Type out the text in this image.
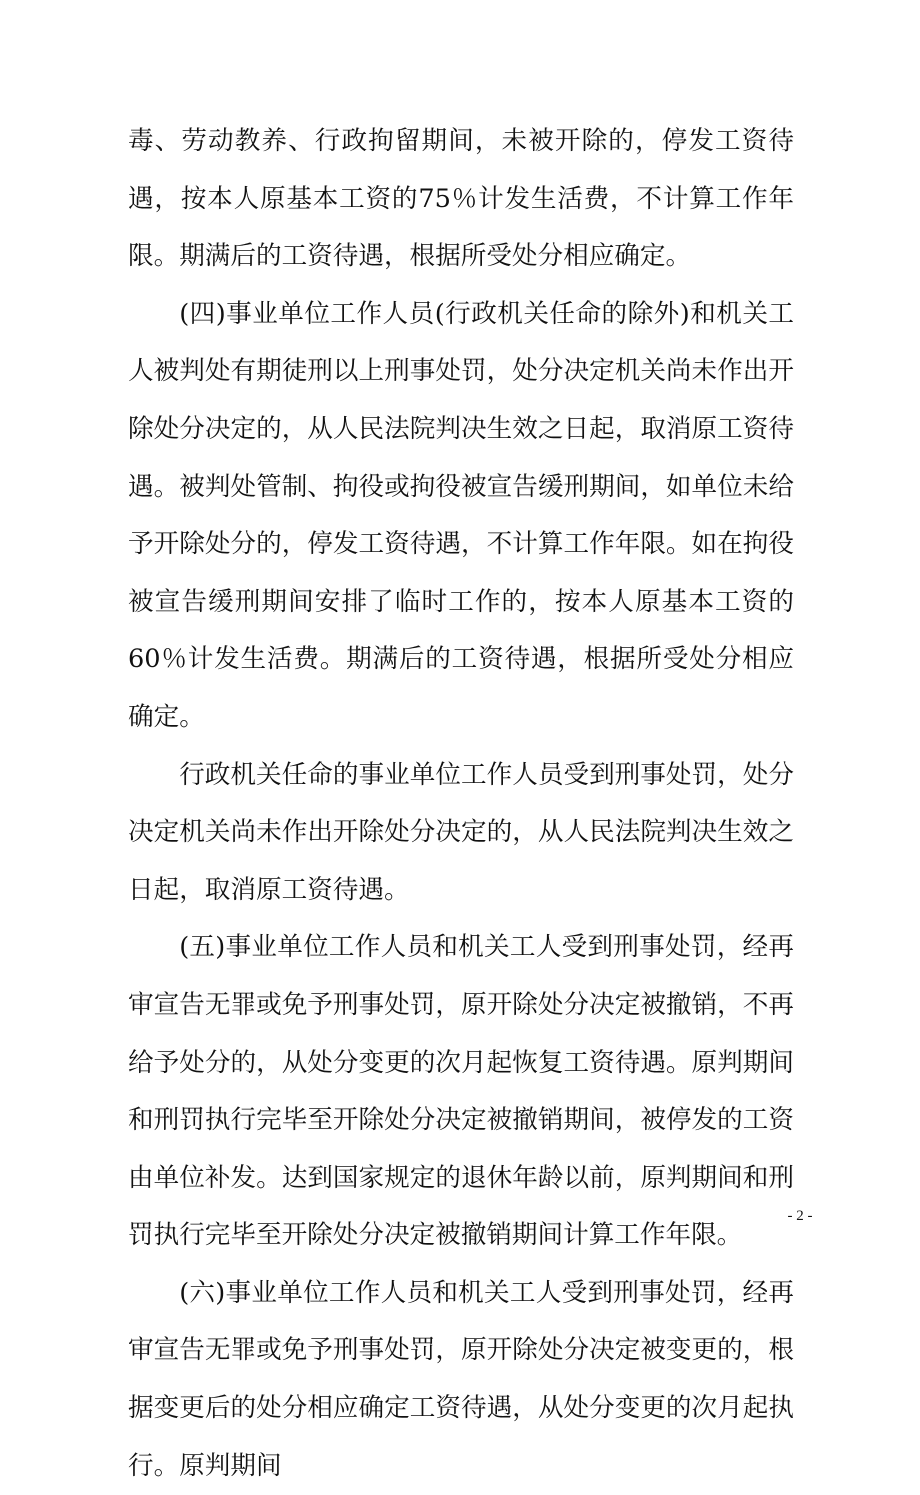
毒、劳动教养、行政拘留期间，未被开除的，停发工资待遇，按本人原基本工资的75％计发生活费，不计算工作年限。期满后的工资待遇，根据所受处分相应确定。

(四)事业单位工作人员(行政机关任命的除外)和机关工人被判处有期徒刑以上刑事处罚，处分决定机关尚未作出开除处分决定的，从人民法院判决生效之日起，取消原工资待遇。被判处管制、拘役或拘役被宣告缓刑期间，如单位未给予开除处分的，停发工资待遇，不计算工作年限。如在拘役被宣告缓刑期间安排了临时工作的，按本人原基本工资的60％计发生活费。期满后的工资待遇，根据所受处分相应确定。

行政机关任命的事业单位工作人员受到刑事处罚，处分决定机关尚未作出开除处分决定的，从人民法院判决生效之日起，取消原工资待遇。

(五)事业单位工作人员和机关工人受到刑事处罚，经再审宣告无罪或免予刑事处罚，原开除处分决定被撤销，不再给予处分的，从处分变更的次月起恢复工资待遇。原判期间和刑罚执行完毕至开除处分决定被撤销期间，被停发的工资由单位补发。达到国家规定的退休年龄以前，原判期间和刑罚执行完毕至开除处分决定被撤销期间计算工作年限。

(六)事业单位工作人员和机关工人受到刑事处罚，经再审宣告无罪或免予刑事处罚，原开除处分决定被变更的，根据变更后的处分相应确定工资待遇，从处分变更的次月起执行。原判期间

- 2 -
